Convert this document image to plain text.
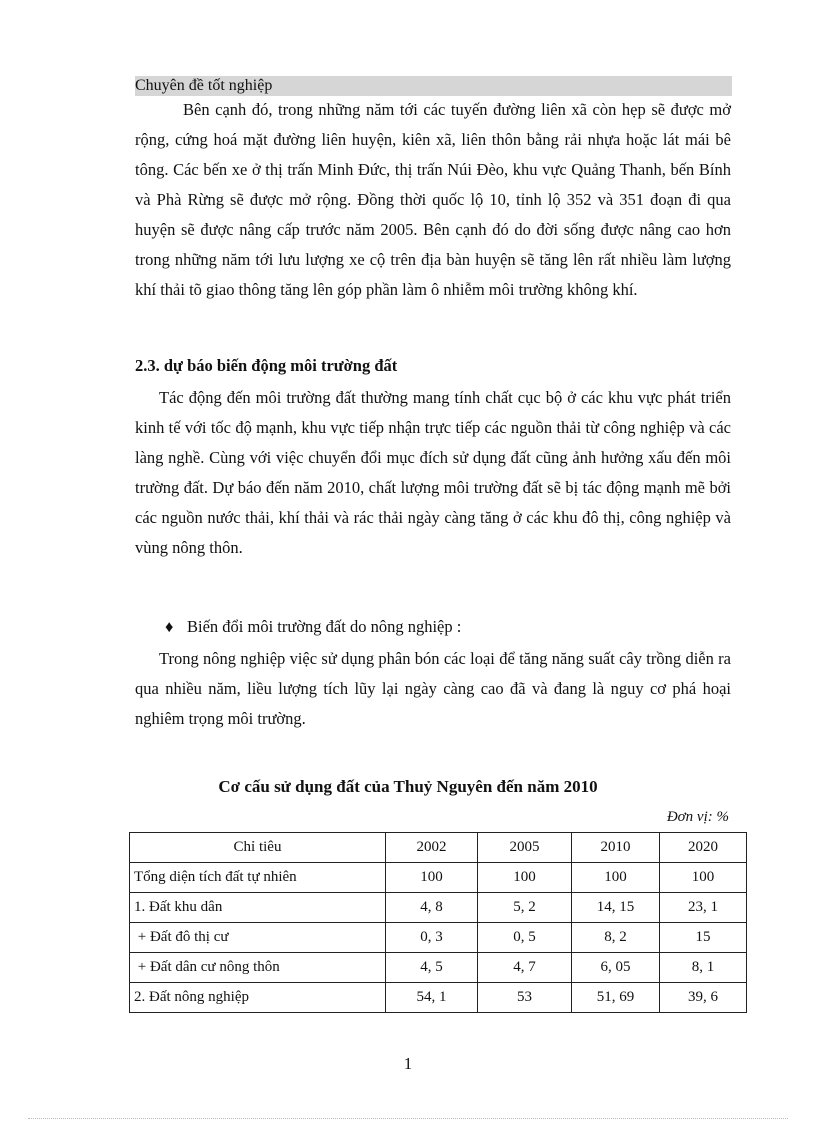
Chuyên đề tốt nghiệp

Bên cạnh đó, trong những năm tới các tuyến đường liên xã còn hẹp sẽ được mở rộng, cứng hoá mặt đường liên huyện, kiên xã, liên thôn bằng rải nhựa hoặc lát mái bê tông. Các bến xe ở thị trấn Minh Đức, thị trấn Núi Đèo, khu vực Quảng Thanh, bến Bính và Phà Rừng sẽ được mở rộng. Đồng thời quốc lộ 10, tỉnh lộ 352 và 351 đoạn đi qua huyện sẽ được nâng cấp trước năm 2005. Bên cạnh đó do đời sống được nâng cao hơn trong những năm tới lưu lượng xe cộ trên địa bàn huyện sẽ tăng lên rất nhiều làm lượng khí thải tõ giao thông tăng lên góp phần làm ô nhiễm môi trường không khí.

2.3. dự báo biến động môi trường đất

Tác động đến môi trường đất thường mang tính chất cục bộ ở các khu vực phát triển kinh tế với tốc độ mạnh, khu vực tiếp nhận trực tiếp các nguồn thải từ công nghiệp và các làng nghề. Cùng với việc chuyển đổi mục đích sử dụng đất cũng ảnh hưởng xấu đến môi trường đất. Dự báo đến năm 2010, chất lượng môi trường đất sẽ bị tác động mạnh mẽ bởi các nguồn nước thải, khí thải và rác thải ngày càng tăng ở các khu đô thị, công nghiệp và vùng nông thôn.

♦ Biến đổi môi trường đất do nông nghiệp :

Trong nông nghiệp việc sử dụng phân bón các loại để tăng năng suất cây trồng diễn ra qua nhiều năm, liều lượng tích lũy lại ngày càng cao đã và đang là nguy cơ phá hoại nghiêm trọng môi trường.

Cơ cấu sử dụng đất của Thuỷ Nguyên đến năm 2010
Đơn vị: %
Chỉ tiêu	2002	2005	2010	2020
Tổng diện tích đất tự nhiên	100	100	100	100
1. Đất khu dân	4, 8	5, 2	14, 15	23, 1
+ Đất đô thị cư	0, 3	0, 5	8, 2	15
+ Đất dân cư nông thôn	4, 5	4, 7	6, 05	8, 1
2. Đất nông nghiệp	54, 1	53	51, 69	39, 6
1
